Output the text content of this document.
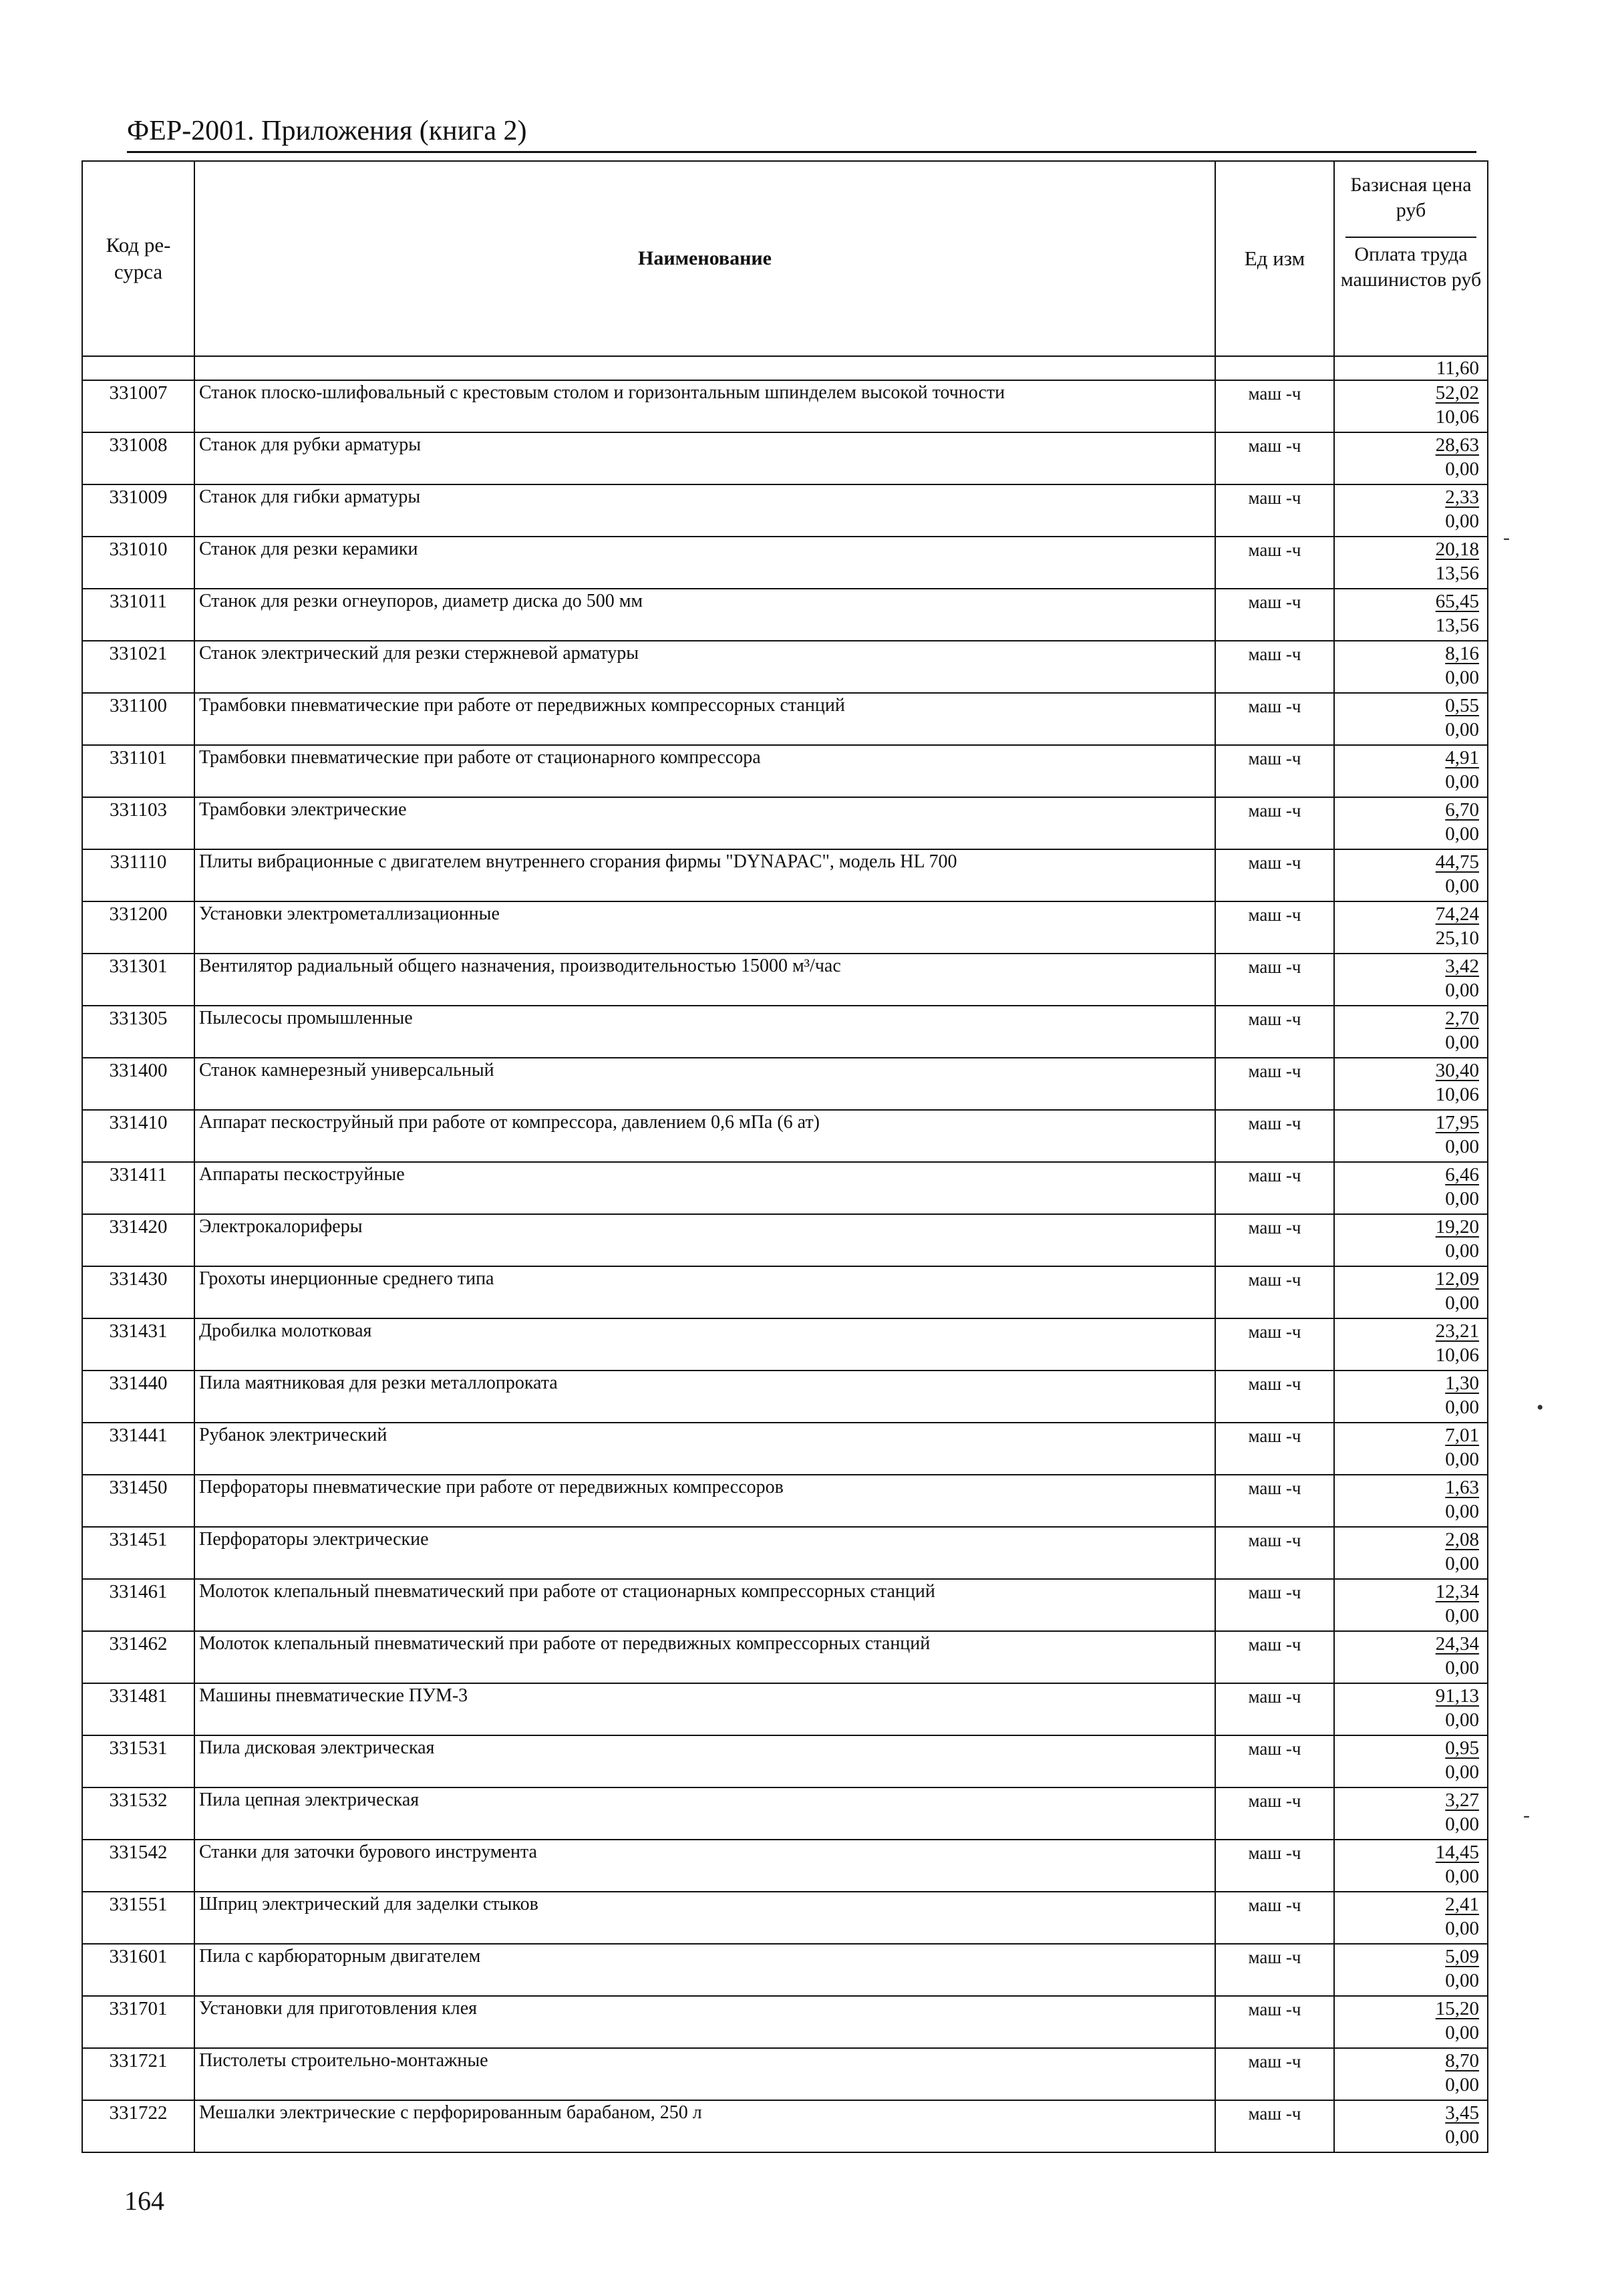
ФЕР-2001. Приложения (книга 2)
Код ре-сурса	Наименование	Ед изм	Базисная цена руб
Оплата труда машинистов руб

			11,60

331007	Станок плоско-шлифовальный с крестовым столом и горизонтальным шпинделем высокой точности	маш -ч	52,02
10,06

331008	Станок для рубки арматуры	маш -ч	28,63
0,00

331009	Станок для гибки арматуры	маш -ч	2,33
0,00

331010	Станок для резки керамики	маш -ч	20,18
13,56

331011	Станок для резки огнеупоров, диаметр диска до 500 мм	маш -ч	65,45
13,56

331021	Станок электрический для резки стержневой арматуры	маш -ч	8,16
0,00

331100	Трамбовки пневматические при работе от передвижных компрессорных станций	маш -ч	0,55
0,00

331101	Трамбовки пневматические при работе от стационарного компрессора	маш -ч	4,91
0,00

331103	Трамбовки электрические	маш -ч	6,70
0,00

331110	Плиты вибрационные с двигателем внутреннего сгорания фирмы "DYNAPAC", модель HL 700	маш -ч	44,75
0,00

331200	Установки электрометаллизационные	маш -ч	74,24
25,10

331301	Вентилятор радиальный общего назначения, производительностью 15000 м³/час	маш -ч	3,42
0,00

331305	Пылесосы промышленные	маш -ч	2,70
0,00

331400	Станок камнерезный универсальный	маш -ч	30,40
10,06

331410	Аппарат пескоструйный при работе от компрессора, давлением 0,6 мПа (6 ат)	маш -ч	17,95
0,00

331411	Аппараты пескоструйные	маш -ч	6,46
0,00

331420	Электрокалориферы	маш -ч	19,20
0,00

331430	Грохоты инерционные среднего типа	маш -ч	12,09
0,00

331431	Дробилка молотковая	маш -ч	23,21
10,06

331440	Пила маятниковая для резки металлопроката	маш -ч	1,30
0,00

331441	Рубанок электрический	маш -ч	7,01
0,00

331450	Перфораторы пневматические при работе от передвижных компрессоров	маш -ч	1,63
0,00

331451	Перфораторы электрические	маш -ч	2,08
0,00

331461	Молоток клепальный пневматический при работе от стационарных компрессорных станций	маш -ч	12,34
0,00

331462	Молоток клепальный пневматический при работе от передвижных компрессорных станций	маш -ч	24,34
0,00

331481	Машины пневматические ПУМ-3	маш -ч	91,13
0,00

331531	Пила дисковая электрическая	маш -ч	0,95
0,00

331532	Пила цепная электрическая	маш -ч	3,27
0,00

331542	Станки для заточки бурового инструмента	маш -ч	14,45
0,00

331551	Шприц электрический для заделки стыков	маш -ч	2,41
0,00

331601	Пила с карбюраторным двигателем	маш -ч	5,09
0,00

331701	Установки для приготовления клея	маш -ч	15,20
0,00

331721	Пистолеты строительно-монтажные	маш -ч	8,70
0,00

331722	Мешалки электрические с перфорированным барабаном, 250 л	маш -ч	3,45
0,00
164
-
•
-
